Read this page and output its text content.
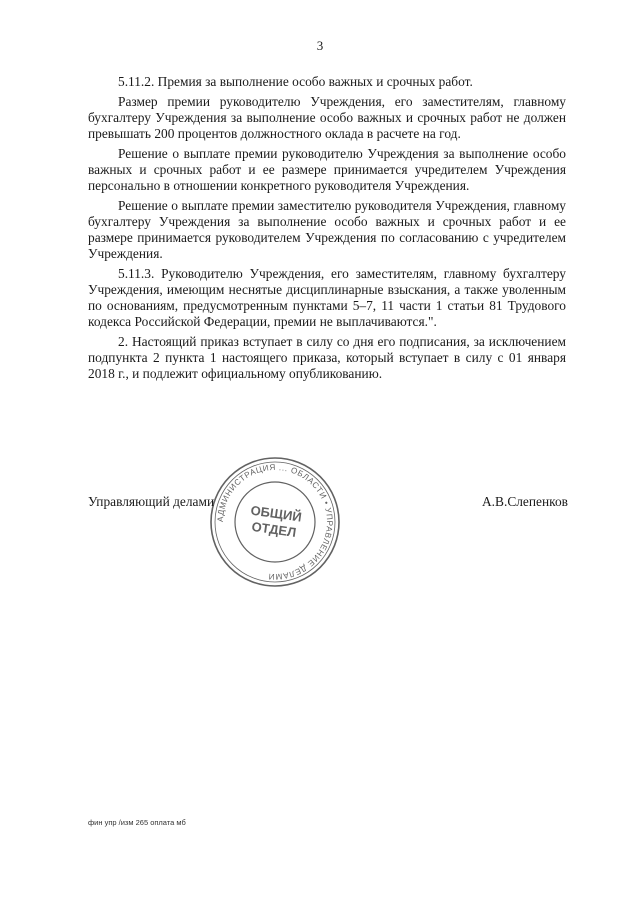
3

5.11.2. Премия за выполнение особо важных и срочных работ.

Размер премии руководителю Учреждения, его заместителям, главному бухгалтеру Учреждения за выполнение особо важных и срочных работ не должен превышать 200 процентов должностного оклада в расчете на год.

Решение о выплате премии руководителю Учреждения за выполнение особо важных и срочных работ и ее размере принимается учредителем Учреждения персонально в отношении конкретного руководителя Учреждения.

Решение о выплате премии заместителю руководителя Учреждения, главному бухгалтеру Учреждения за выполнение особо важных и срочных работ и ее размере принимается руководителем Учреждения по согласованию с учредителем Учреждения.

5.11.3. Руководителю Учреждения, его заместителям, главному бухгалтеру Учреждения, имеющим неснятые дисциплинарные взыскания, а также уволенным по основаниям, предусмотренным пунктами 5–7, 11 части 1 статьи 81 Трудового кодекса Российской Федерации, премии не выплачиваются.".

2. Настоящий приказ вступает в силу со дня его подписания, за исключением подпункта 2 пункта 1 настоящего приказа, который вступает в силу с 01 января 2018 г., и подлежит официальному опубликованию.

АДМИНИСТРАЦИЯ ... ОБЛАСТИ • УПРАВЛЕНИЕ ДЕЛАМИ
ОБЩИЙ
ОТДЕЛ
Управляющий делами	А.В.Слепенков
фин упр /изм 265 оплата мб
